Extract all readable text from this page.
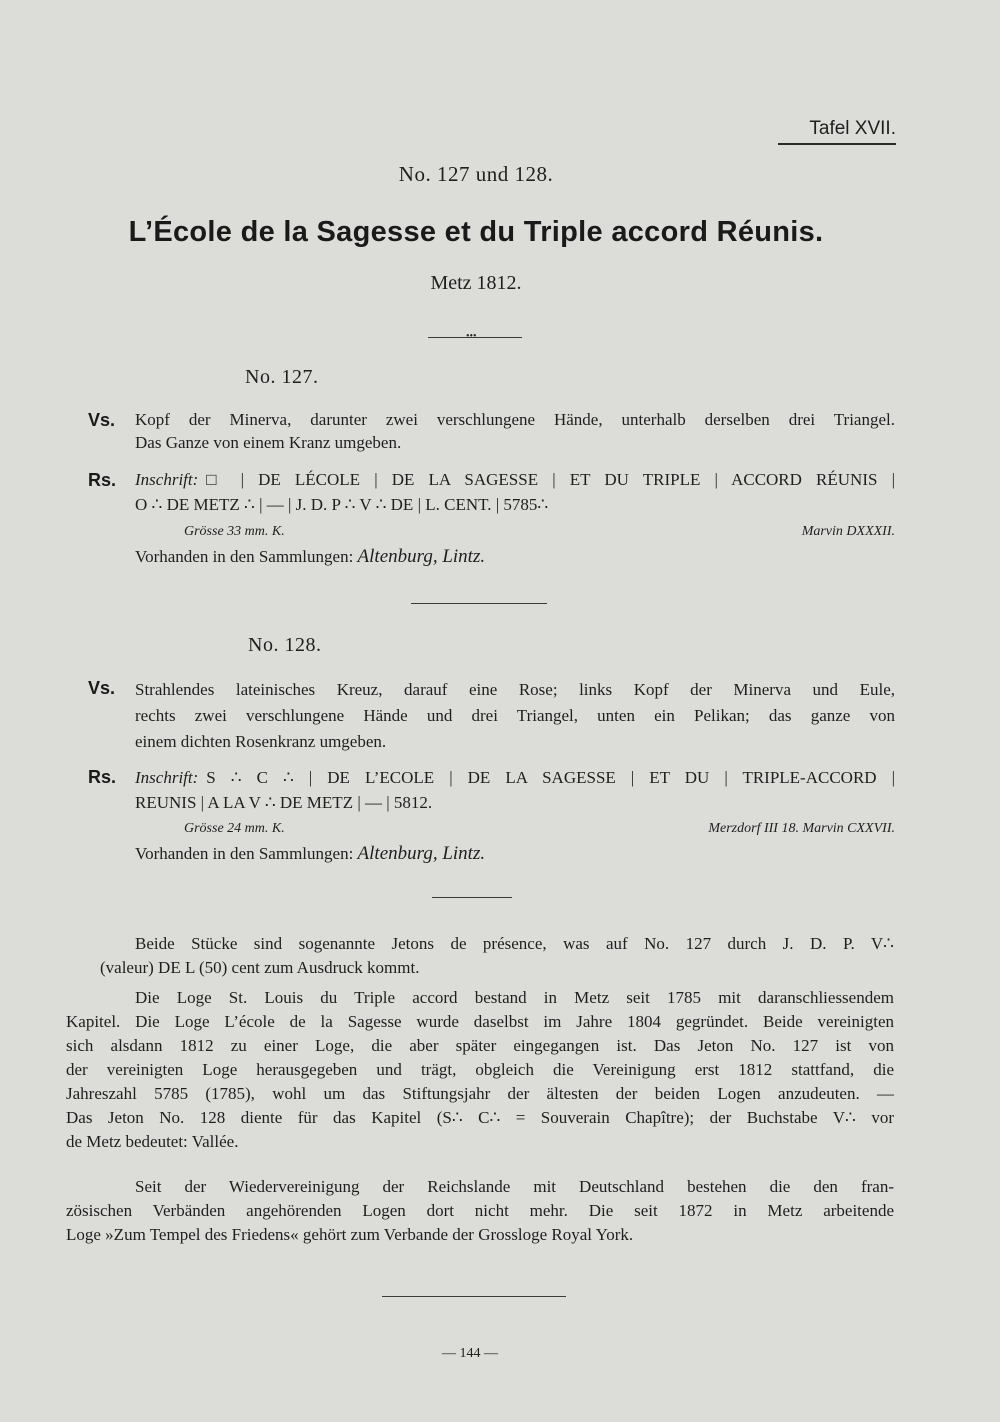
Tafel XVII.
No. 127 und 128.
L’École de la Sagesse et du Triple accord Réunis.
Metz 1812.
•••
No. 127.
Vs. Kopf der Minerva, darunter zwei verschlungene Hände, unterhalb derselben drei Triangel.
Das Ganze von einem Kranz umgeben.
Rs. Inschrift: □ | DE LÉCOLE | DE LA SAGESSE | ET DU TRIPLE | ACCORD RÉUNIS |
O ∴ DE METZ ∴ | — | J. D. P ∴ V ∴ DE | L. CENT. | 5785∴
Grösse 33 mm. K.	Marvin DXXXII.
Vorhanden in den Sammlungen: Altenburg, Lintz.
No. 128.
Vs. Strahlendes lateinisches Kreuz, darauf eine Rose; links Kopf der Minerva und Eule,
rechts zwei verschlungene Hände und drei Triangel, unten ein Pelikan; das ganze von
einem dichten Rosenkranz umgeben.
Rs. Inschrift: S ∴ C ∴ | DE L’ECOLE | DE LA SAGESSE | ET DU | TRIPLE-ACCORD |
REUNIS | A LA V ∴ DE METZ | — | 5812.
Grösse 24 mm. K.	Merzdorf III 18. Marvin CXXVII.
Vorhanden in den Sammlungen: Altenburg, Lintz.
Beide Stücke sind sogenannte Jetons de présence, was auf No. 127 durch J. D. P. V∴
(valeur) DE L (50) cent zum Ausdruck kommt.
Die Loge St. Louis du Triple accord bestand in Metz seit 1785 mit daranschliessendem
Kapitel. Die Loge L’école de la Sagesse wurde daselbst im Jahre 1804 gegründet. Beide vereinigten
sich alsdann 1812 zu einer Loge, die aber später eingegangen ist. Das Jeton No. 127 ist von
der vereinigten Loge herausgegeben und trägt, obgleich die Vereinigung erst 1812 stattfand, die
Jahreszahl 5785 (1785), wohl um das Stiftungsjahr der ältesten der beiden Logen anzudeuten. —
Das Jeton No. 128 diente für das Kapitel (S∴ C∴ = Souverain Chapître); der Buchstabe V∴ vor
de Metz bedeutet: Vallée.
Seit der Wiedervereinigung der Reichslande mit Deutschland bestehen die den fran-
zösischen Verbänden angehörenden Logen dort nicht mehr. Die seit 1872 in Metz arbeitende
Loge »Zum Tempel des Friedens« gehört zum Verbande der Grossloge Royal York.
— 144 —
